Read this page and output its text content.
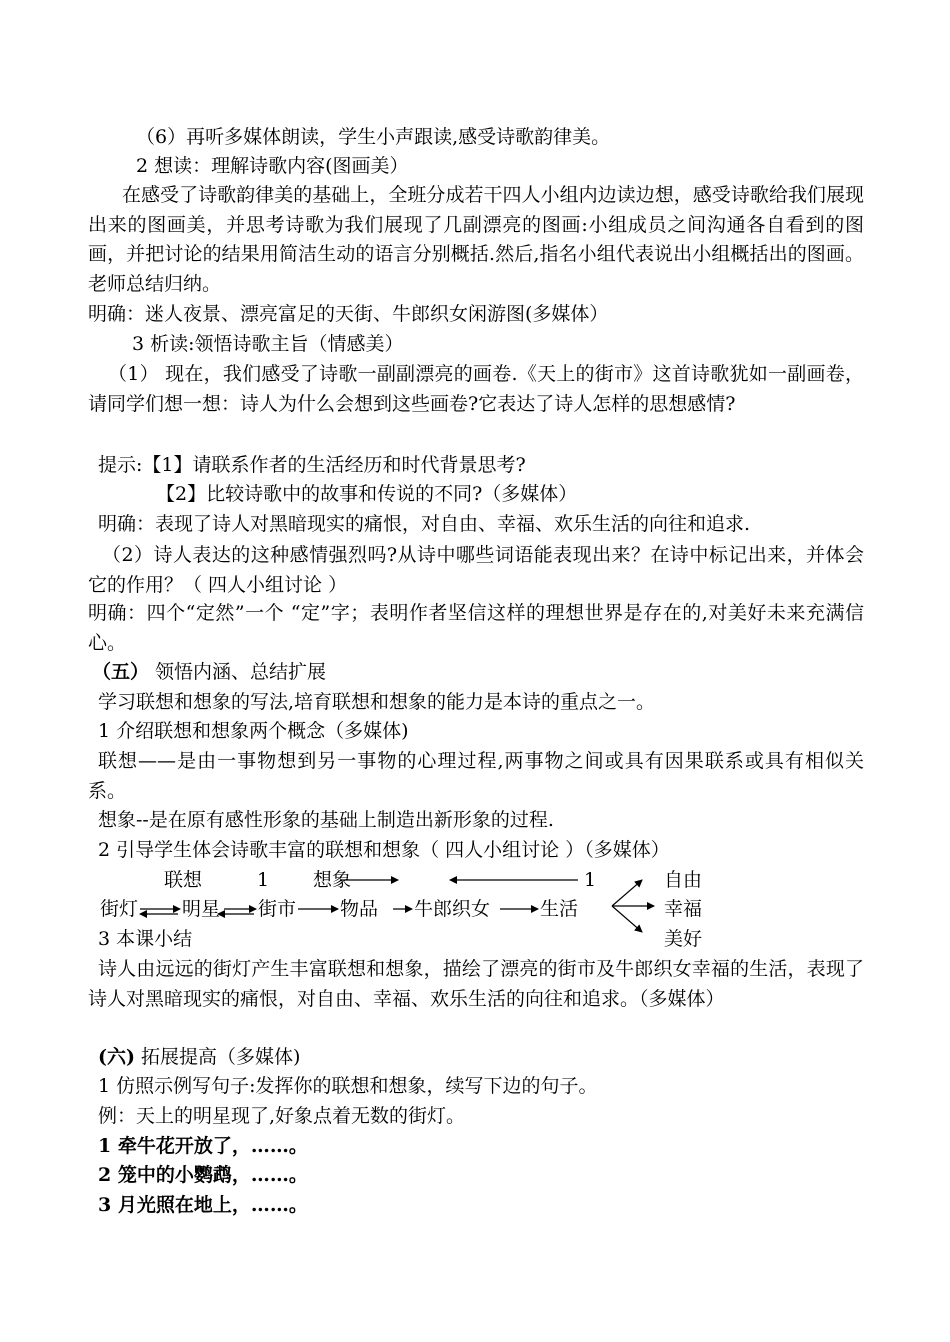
（6）再听多媒体朗读，学生小声跟读,感受诗歌韵律美。
2 想读：理解诗歌内容(图画美）
在感受了诗歌韵律美的基础上，全班分成若干四人小组内边读边想，感受诗歌给我们展现出来的图画美，并思考诗歌为我们展现了几副漂亮的图画:小组成员之间沟通各自看到的图画，并把讨论的结果用简洁生动的语言分别概括.然后,指名小组代表说出小组概括出的图画。老师总结归纳。
明确：迷人夜景、漂亮富足的天街、牛郎织女闲游图(多媒体）
3 析读:领悟诗歌主旨（情感美）
（1） 现在，我们感受了诗歌一副副漂亮的画卷.《天上的街市》这首诗歌犹如一副画卷，请同学们想一想：诗人为什么会想到这些画卷?它表达了诗人怎样的思想感情?
提示:【1】请联系作者的生活经历和时代背景思考?
【2】比较诗歌中的故事和传说的不同?（多媒体）
明确：表现了诗人对黑暗现实的痛恨，对自由、幸福、欢乐生活的向往和追求.
（2）诗人表达的这种感情强烈吗?从诗中哪些词语能表现出来？在诗中标记出来，并体会它的作用？（ 四人小组讨论 ）
明确：四个“定然”一个 “定”字；表明作者坚信这样的理想世界是存在的,对美好未来充满信心。
（五） 领悟内涵、总结扩展
学习联想和想象的写法,培育联想和想象的能力是本诗的重点之一。
1 介绍联想和想象两个概念（多媒体)
联想——是由一事物想到另一事物的心理过程,两事物之间或具有因果联系或具有相似关系。
想象--是在原有感性形象的基础上制造出新形象的过程.
2 引导学生体会诗歌丰富的联想和想象（ 四人小组讨论 ）（多媒体）
联想	1 想象	1	自由
街灯 明星 街市 物品 牛郎织女	生活	幸福
3 本课小结	美好
诗人由远远的街灯产生丰富联想和想象，描绘了漂亮的街市及牛郎织女幸福的生活，表现了诗人对黑暗现实的痛恨，对自由、幸福、欢乐生活的向往和追求。（多媒体）
(六) 拓展提高（多媒体)
1 仿照示例写句子:发挥你的联想和想象，续写下边的句子。
例：天上的明星现了,好象点着无数的街灯。
1 牵牛花开放了，……。
2 笼中的小鹦鹉，……。
3 月光照在地上，……。
